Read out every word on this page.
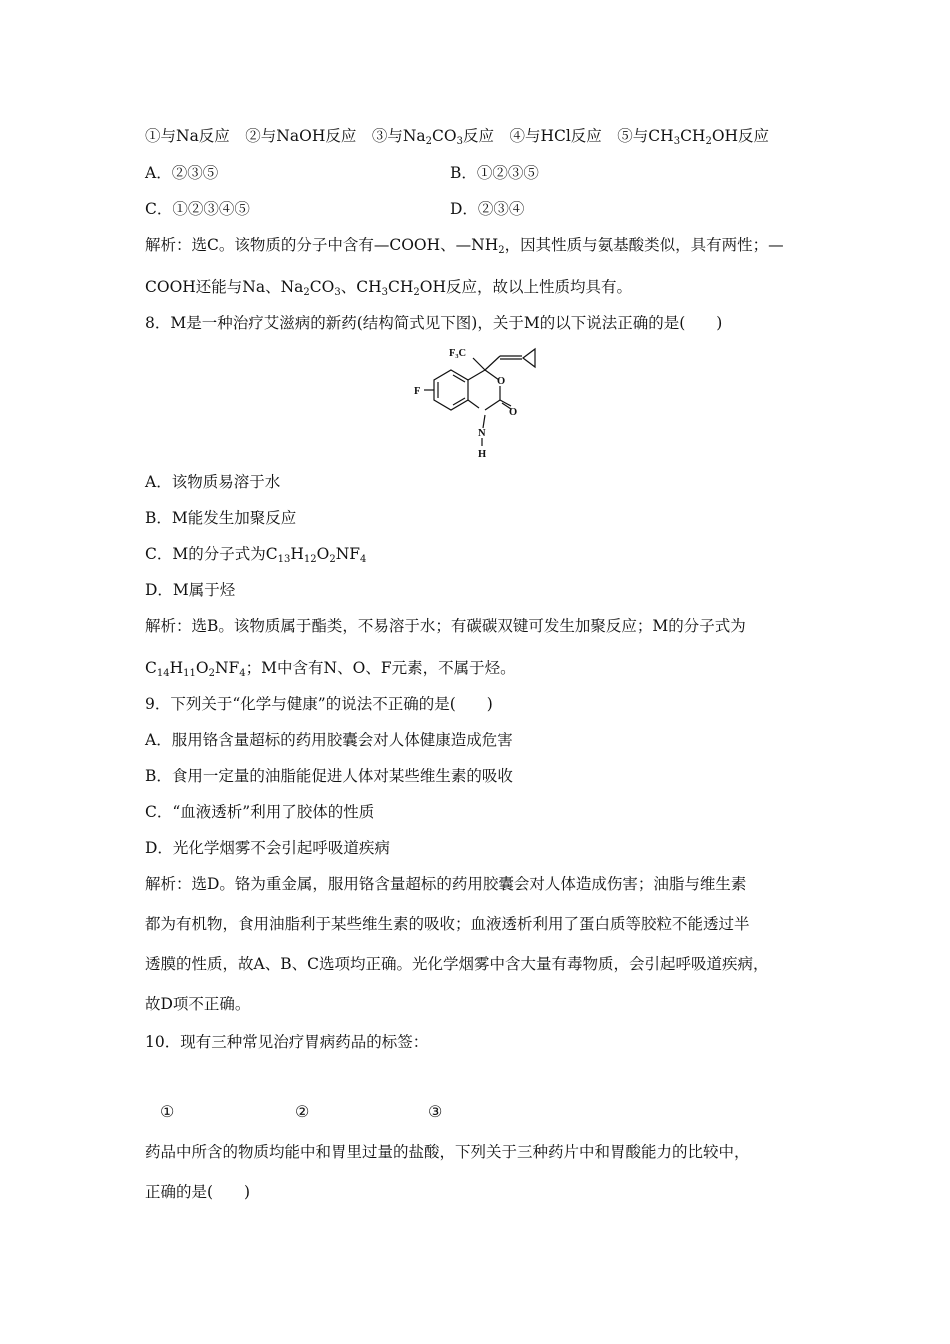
①与Na反应　②与NaOH反应　③与$Na_2CO_3$反应　④与HCl反应　⑤与$CH_3CH_2OH$反应
A．②③⑤	B．①②③⑤
C．①②③④⑤	D．②③④
解析：选C。该物质的分子中含有—COOH、$—NH_2$，因其性质与氨基酸类似，具有两性；—
COOH还能与Na、$Na_2CO_3$、$CH_3CH_2OH$反应，故以上性质均具有。
8．M是一种治疗艾滋病的新药(结构简式见下图)，关于M的以下说法正确的是(　　)
F₃C
F
O
O
N
H
A．该物质易溶于水
B．M能发生加聚反应
C．M的分子式为$C_{13}H_{12}O_2NF_4$
D．M属于烃
解析：选B。该物质属于酯类，不易溶于水；有碳碳双键可发生加聚反应；M的分子式为
$C_{14}H_{11}O_2NF_4$；M中含有N、O、F元素，不属于烃。
9．下列关于“化学与健康”的说法不正确的是(　　)
A．服用铬含量超标的药用胶囊会对人体健康造成危害
B．食用一定量的油脂能促进人体对某些维生素的吸收
C．“血液透析”利用了胶体的性质
D．光化学烟雾不会引起呼吸道疾病
解析：选D。铬为重金属，服用铬含量超标的药用胶囊会对人体造成伤害；油脂与维生素
都为有机物，食用油脂利于某些维生素的吸收；血液透析利用了蛋白质等胶粒不能透过半
透膜的性质，故A、B、C选项均正确。光化学烟雾中含大量有毒物质，会引起呼吸道疾病，
故D项不正确。
10．现有三种常见治疗胃病药品的标签：
①	②	③
药品中所含的物质均能中和胃里过量的盐酸，下列关于三种药片中和胃酸能力的比较中，
正确的是(　　)
